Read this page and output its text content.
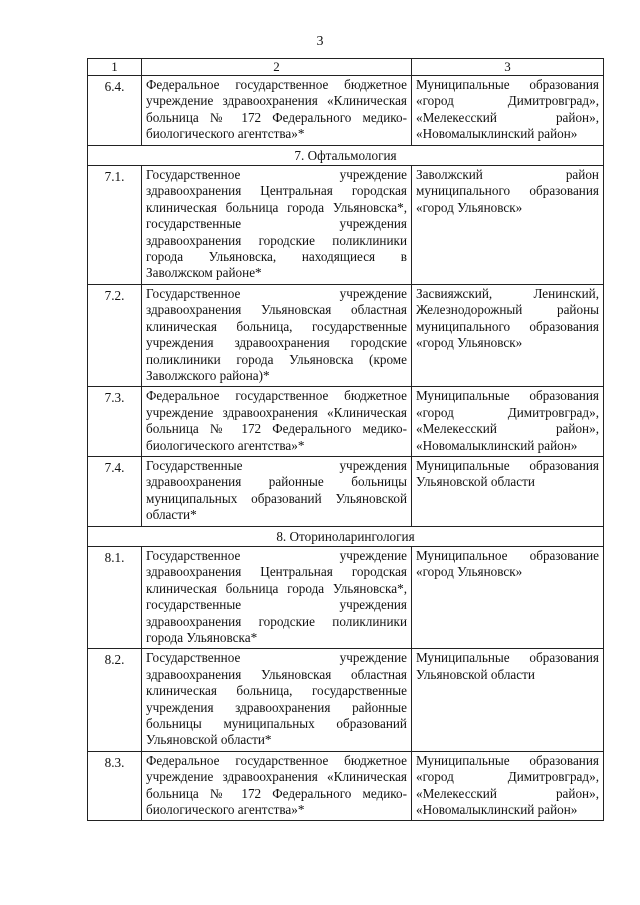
3
1	2	3
6.4.	Федеральное государственное бюджетное учреждение здравоохранения «Клиническая больница № 172 Федерального медико-биологического агентства»*	Муниципальные образования «город Димитровград», «Мелекесский район», «Новомалыклинский район»
7. Офтальмология		
7.1.	Государственное учреждение здравоохранения Центральная городская клиническая больница города Ульяновска*, государственные учреждения здравоохранения городские поликлиники города Ульяновска, находящиеся в Заволжском районе*	Заволжский район муниципального образования «город Ульяновск»
7.2.	Государственное учреждение здравоохранения Ульяновская областная клиническая больница, государственные учреждения здравоохранения городские поликлиники города Ульяновска (кроме Заволжского района)*	Засвияжский, Ленинский, Железнодорожный районы муниципального образования «город Ульяновск»
7.3.	Федеральное государственное бюджетное учреждение здравоохранения «Клиническая больница № 172 Федерального медико-биологического агентства»*	Муниципальные образования «город Димитровград», «Мелекесский район», «Новомалыклинский район»
7.4.	Государственные учреждения здравоохранения районные больницы муниципальных образований Ульяновской области*	Муниципальные образования Ульяновской области
8. Оториноларингология		
8.1.	Государственное учреждение здравоохранения Центральная городская клиническая больница города Ульяновска*, государственные учреждения здравоохранения городские поликлиники города Ульяновска*	Муниципальное образование «город Ульяновск»
8.2.	Государственное учреждение здравоохранения Ульяновская областная клиническая больница, государственные учреждения здравоохранения районные больницы муниципальных образований Ульяновской области*	Муниципальные образования Ульяновской области
8.3.	Федеральное государственное бюджетное учреждение здравоохранения «Клиническая больница № 172 Федерального медико-биологического агентства»*	Муниципальные образования «город Димитровград», «Мелекесский район», «Новомалыклинский район»
